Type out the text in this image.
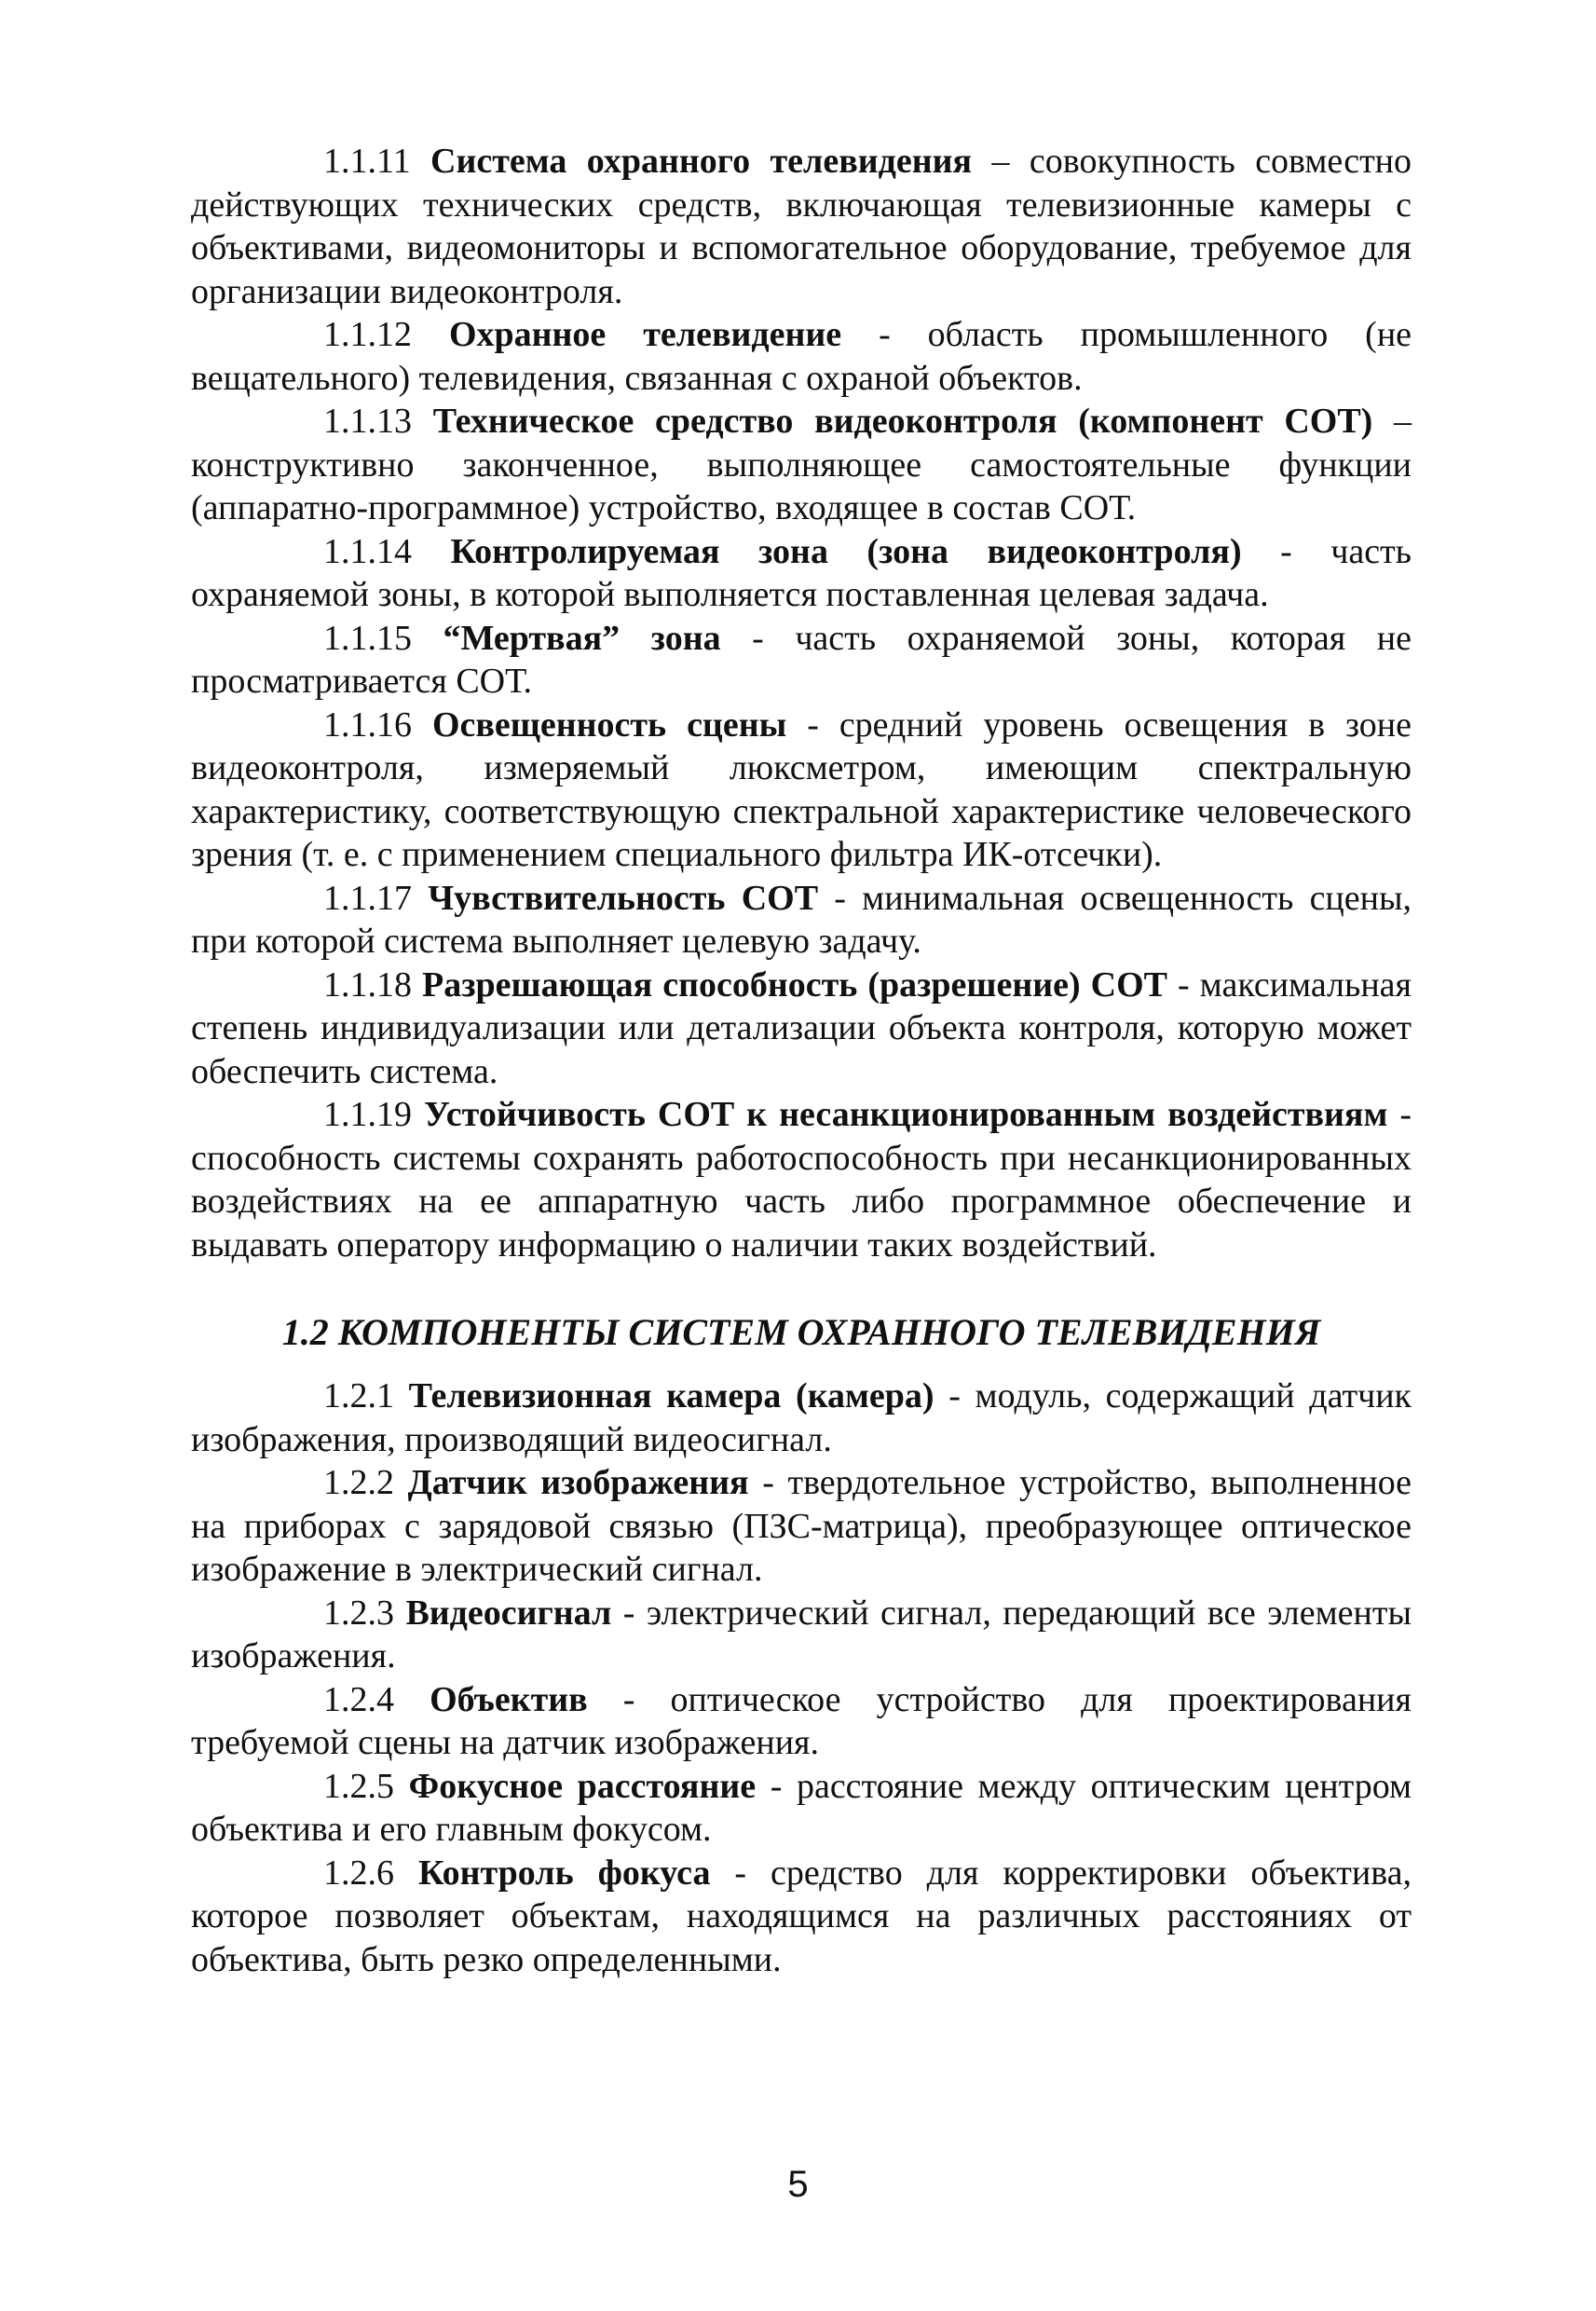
1.1.11 Система охранного телевидения – совокупность совместно действующих технических средств, включающая телевизионные камеры с объективами, видеомониторы и вспомогательное оборудование, требуемое для организации видеоконтроля.

1.1.12 Охранное телевидение - область промышленного (не вещательного) телевидения, связанная с охраной объектов.

1.1.13 Техническое средство видеоконтроля (компонент СОТ) – конструктивно законченное, выполняющее самостоятельные функции (аппаратно-программное) устройство, входящее в состав СОТ.

1.1.14 Контролируемая зона (зона видеоконтроля) - часть охраняемой зоны, в которой выполняется поставленная целевая задача.

1.1.15 “Мертвая” зона - часть охраняемой зоны, которая не просматривается СОТ.

1.1.16 Освещенность сцены - средний уровень освещения в зоне видеоконтроля, измеряемый люксметром, имеющим спектральную характеристику, соответствующую спектральной характеристике человеческого зрения (т. е. с применением специального фильтра ИК-отсечки).

1.1.17 Чувствительность СОТ - минимальная освещенность сцены, при которой система выполняет целевую задачу.

1.1.18 Разрешающая способность (разрешение) СОТ - максимальная степень индивидуализации или детализации объекта контроля, которую может обеспечить система.

1.1.19 Устойчивость СОТ к несанкционированным воздействиям - способность системы сохранять работоспособность при несанкционированных воздействиях на ее аппаратную часть либо программное обеспечение и выдавать оператору информацию о наличии таких воздействий.

1.2 КОМПОНЕНТЫ СИСТЕМ ОХРАННОГО ТЕЛЕВИДЕНИЯ

1.2.1 Телевизионная камера (камера) - модуль, содержащий датчик изображения, производящий видеосигнал.

1.2.2 Датчик изображения - твердотельное устройство, выполненное на приборах с зарядовой связью (ПЗС-матрица), преобразующее оптическое изображение в электрический сигнал.

1.2.3 Видеосигнал - электрический сигнал, передающий все элементы изображения.

1.2.4 Объектив - оптическое устройство для проектирования требуемой сцены на датчик изображения.

1.2.5 Фокусное расстояние - расстояние между оптическим центром объектива и его главным фокусом.

1.2.6 Контроль фокуса - средство для корректировки объектива, которое позволяет объектам, находящимся на различных расстояниях от объектива, быть резко определенными.

5
